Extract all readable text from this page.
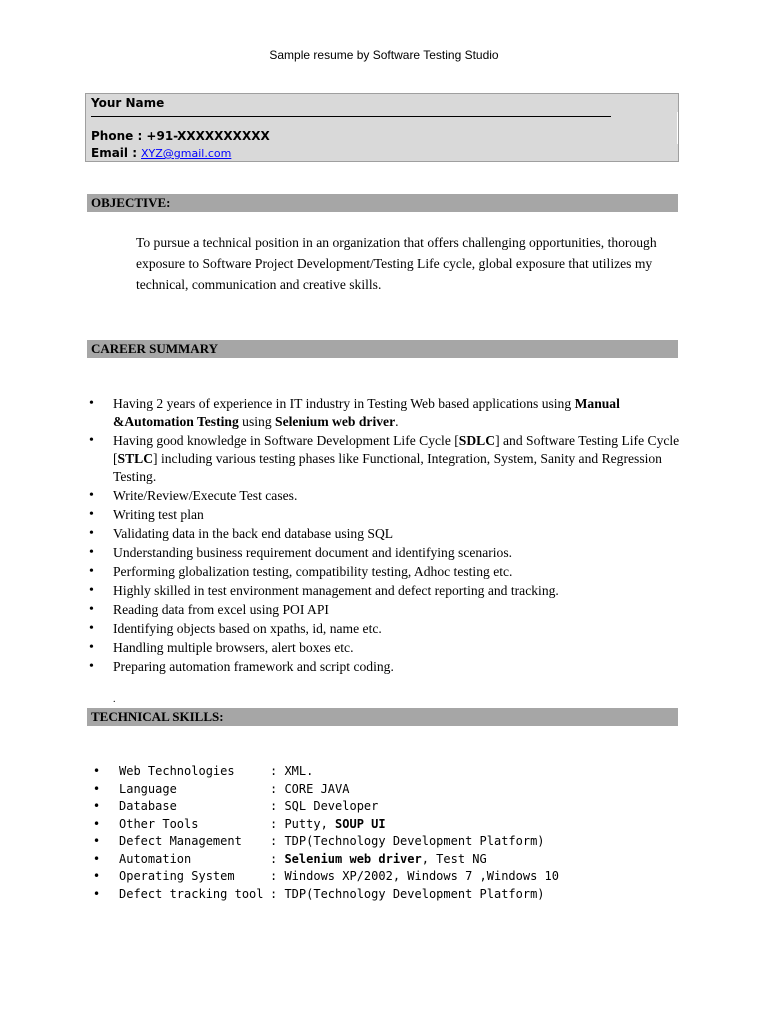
Sample resume by Software Testing Studio
Your Name
Phone : +91-XXXXXXXXXX
Email : XYZ@gmail.com
OBJECTIVE:
To pursue a technical position in an organization that offers challenging opportunities, thorough exposure to Software Project Development/Testing Life cycle, global exposure that utilizes my technical, communication and creative skills.
CAREER SUMMARY
• Having 2 years of experience in IT industry in Testing Web based applications using Manual &Automation Testing using Selenium web driver.
• Having good knowledge in Software Development Life Cycle [SDLC] and Software Testing Life Cycle [STLC] including various testing phases like Functional, Integration, System, Sanity and Regression Testing.
• Write/Review/Execute Test cases.
• Writing test plan
• Validating data in the back end database using SQL
• Understanding business requirement document and identifying scenarios.
• Performing globalization testing, compatibility testing, Adhoc testing etc.
• Highly skilled in test environment management and defect reporting and tracking.
• Reading data from excel using POI API
• Identifying objects based on xpaths, id, name etc.
• Handling multiple browsers, alert boxes etc.
• Preparing automation framework and script coding.
.
TECHNICAL SKILLS:
• Web Technologies	: XML.
• Language	: CORE JAVA
• Database	: SQL Developer
• Other Tools	: Putty, SOUP UI
• Defect Management : TDP(Technology Development Platform)
• Automation	: Selenium web driver, Test NG
• Operating System	: Windows XP/2002, Windows 7 ,Windows 10
• Defect tracking tool : TDP(Technology Development Platform)
